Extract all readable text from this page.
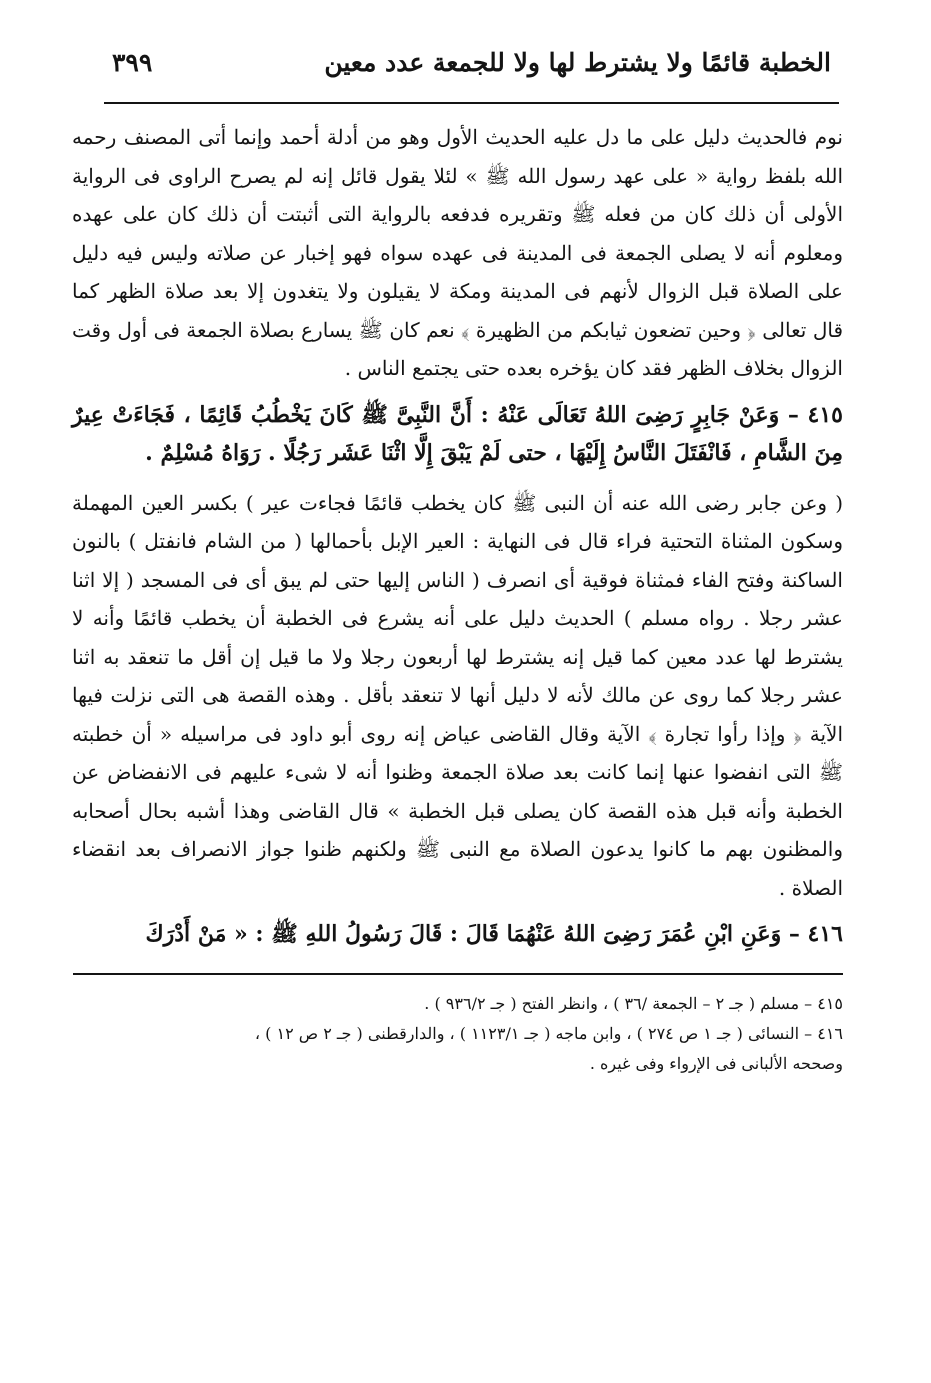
الخطبة قائمًا ولا يشترط لها ولا للجمعة عدد معين
٣٩٩

نوم فالحديث دليل على ما دل عليه الحديث الأول وهو من أدلة أحمد وإنما أتى المصنف رحمه الله بلفظ رواية « على عهد رسول الله ﷺ » لئلا يقول قائل إنه لم يصرح الراوى فى الرواية الأولى أن ذلك كان من فعله ﷺ وتقريره فدفعه بالرواية التى أثبتت أن ذلك كان على عهده ومعلوم أنه لا يصلى الجمعة فى المدينة فى عهده سواه فهو إخبار عن صلاته وليس فيه دليل على الصلاة قبل الزوال لأنهم فى المدينة ومكة لا يقيلون ولا يتغدون إلا بعد صلاة الظهر كما قال تعالى ﴿ وحين تضعون ثيابكم من الظهيرة ﴾ نعم كان ﷺ يسارع بصلاة الجمعة فى أول وقت الزوال بخلاف الظهر فقد كان يؤخره بعده حتى يجتمع الناس .

٤١٥ – وَعَنْ جَابِرٍ رَضِىَ اللهُ تَعَالَى عَنْهُ : أَنَّ النَّبِىَّ ﷺ كَانَ يَخْطُبُ قَائِمًا ، فَجَاءَتْ عِيرٌ مِنَ الشَّامِ ، فَانْفَتَلَ النَّاسُ إِلَيْهَا ، حتى لَمْ يَبْقَ إِلَّا اثْنَا عَشَر رَجُلًا . رَوَاهُ مُسْلِمٌ .

( وعن جابر رضى الله عنه أن النبى ﷺ كان يخطب قائمًا فجاءت عير ) بكسر العين المهملة وسكون المثناة التحتية فراء قال فى النهاية : العير الإبل بأحمالها ( من الشام فانفتل ) بالنون الساكنة وفتح الفاء فمثناة فوقية أى انصرف ( الناس إليها حتى لم يبق أى فى المسجد ( إلا اثنا عشر رجلا . رواه مسلم ) الحديث دليل على أنه يشرع فى الخطبة أن يخطب قائمًا وأنه لا يشترط لها عدد معين كما قيل إنه يشترط لها أربعون رجلا ولا ما قيل إن أقل ما تنعقد به اثنا عشر رجلا كما روى عن مالك لأنه لا دليل أنها لا تنعقد بأقل . وهذه القصة هى التى نزلت فيها الآية ﴿ وإذا رأوا تجارة ﴾ الآية وقال القاضى عياض إنه روى أبو داود فى مراسيله « أن خطبته ﷺ التى انفضوا عنها إنما كانت بعد صلاة الجمعة وظنوا أنه لا شىء عليهم فى الانفضاض عن الخطبة وأنه قبل هذه القصة كان يصلى قبل الخطبة » قال القاضى وهذا أشبه بحال أصحابه والمظنون بهم ما كانوا يدعون الصلاة مع النبى ﷺ ولكنهم ظنوا جواز الانصراف بعد انقضاء الصلاة .

٤١٦ – وَعَنِ ابْنِ عُمَرَ رَضِىَ اللهُ عَنْهُمَا قَالَ : قَالَ رَسُولُ اللهِ ﷺ : « مَنْ أَدْرَكَ

٤١٥ – مسلم ( جـ ٢ – الجمعة /٣٦ ) ، وانظر الفتح ( جـ ٩٣٦/٢ ) .

٤١٦ – النسائى ( جـ ١ ص ٢٧٤ ) ، وابن ماجه ( جـ ١١٢٣/١ ) ، والدارقطنى ( جـ ٢ ص ١٢ ) ،

وصححه الألبانى فى الإرواء وفى غيره .
